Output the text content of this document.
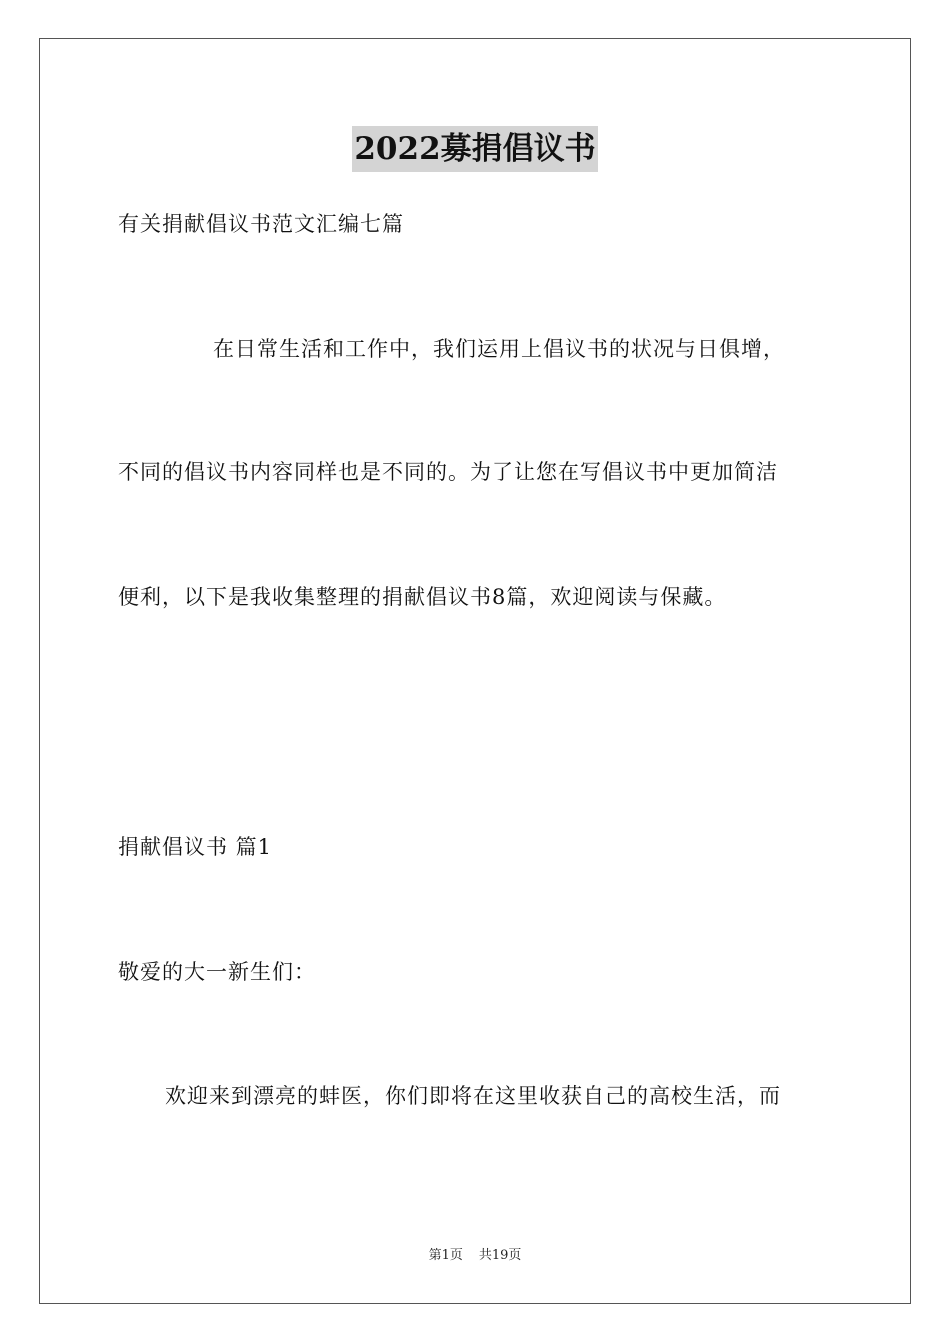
2022募捐倡议书
有关捐献倡议书范文汇编七篇
在日常生活和工作中，我们运用上倡议书的状况与日俱增，
不同的倡议书内容同样也是不同的。为了让您在写倡议书中更加简洁
便利，以下是我收集整理的捐献倡议书8篇，欢迎阅读与保藏。
捐献倡议书 篇1
敬爱的大一新生们：
欢迎来到漂亮的蚌医，你们即将在这里收获自己的高校生活，而
第1页 共19页
